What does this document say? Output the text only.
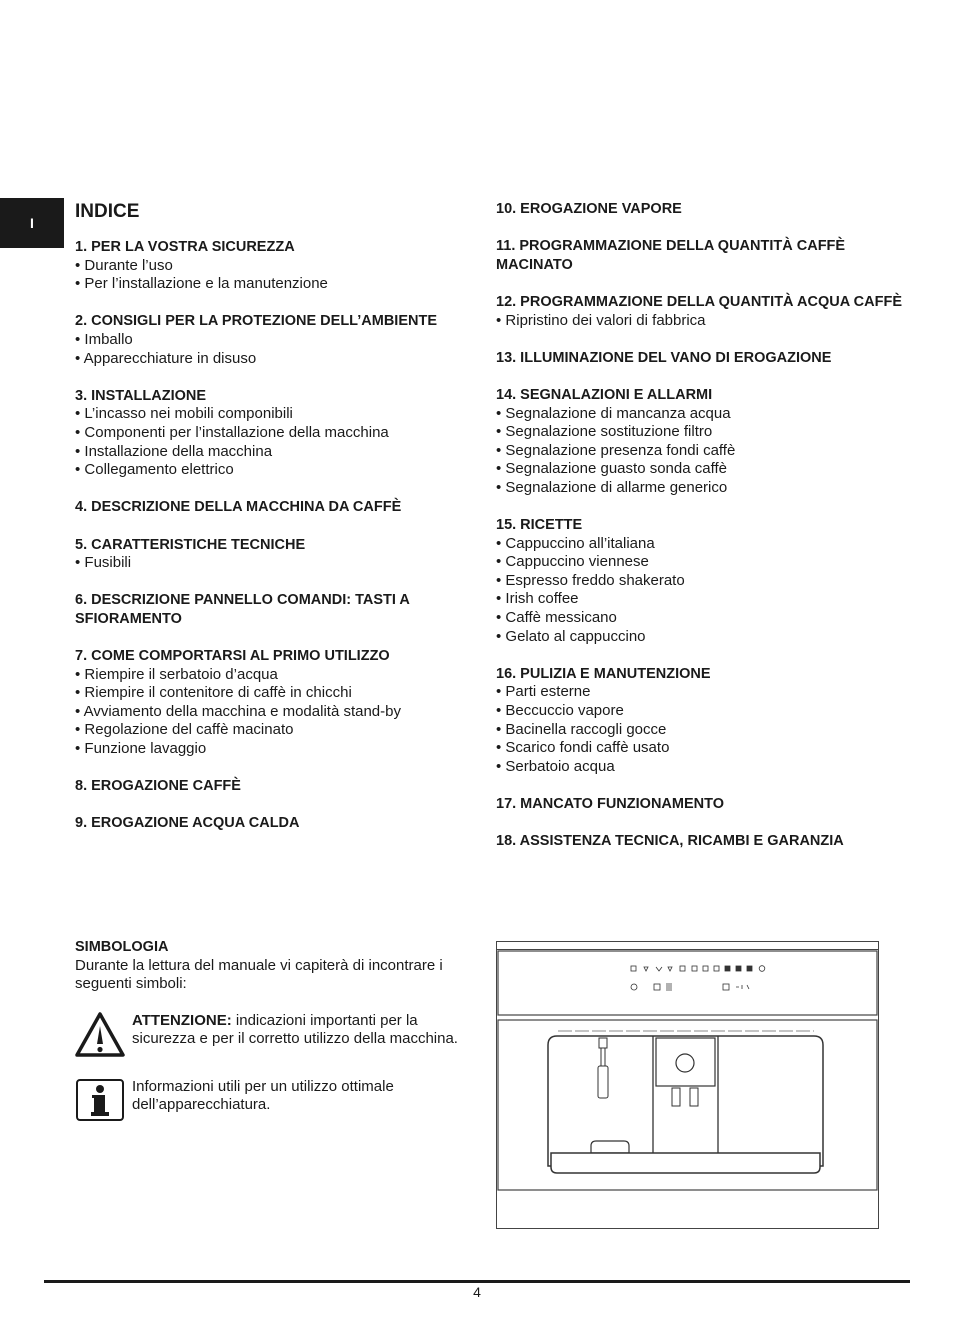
I
INDICE
1. PER LA VOSTRA SICUREZZA
• Durante l’uso
• Per l’installazione e la manutenzione
2. CONSIGLI PER LA PROTEZIONE DELL’AMBIENTE
• Imballo
• Apparecchiature in disuso
3. INSTALLAZIONE
• L’incasso nei mobili componibili
• Componenti per l’installazione della macchina
• Installazione della macchina
• Collegamento elettrico
4. DESCRIZIONE DELLA MACCHINA DA CAFFÈ
5. CARATTERISTICHE TECNICHE
• Fusibili
6. DESCRIZIONE PANNELLO COMANDI: TASTI A SFIORAMENTO
7. COME COMPORTARSI AL PRIMO UTILIZZO
• Riempire il serbatoio d’acqua
• Riempire il contenitore di caffè in chicchi
• Avviamento della macchina e modalità stand-by
• Regolazione del caffè macinato
• Funzione lavaggio
8. EROGAZIONE CAFFÈ
9. EROGAZIONE ACQUA CALDA
10. EROGAZIONE VAPORE
11. PROGRAMMAZIONE DELLA QUANTITÀ CAFFÈ MACINATO
12. PROGRAMMAZIONE DELLA QUANTITÀ ACQUA CAFFÈ
• Ripristino dei valori di fabbrica
13. ILLUMINAZIONE DEL VANO DI EROGAZIONE
14. SEGNALAZIONI E ALLARMI
• Segnalazione di mancanza acqua
• Segnalazione sostituzione filtro
• Segnalazione presenza fondi caffè
• Segnalazione guasto sonda caffè
• Segnalazione di allarme generico
15. RICETTE
• Cappuccino all’italiana
• Cappuccino viennese
• Espresso freddo shakerato
• Irish coffee
• Caffè messicano
• Gelato al cappuccino
16. PULIZIA E MANUTENZIONE
• Parti esterne
• Beccuccio vapore
• Bacinella raccogli gocce
• Scarico fondi caffè usato
• Serbatoio acqua
17. MANCATO FUNZIONAMENTO
18. ASSISTENZA TECNICA, RICAMBI E GARANZIA
SIMBOLOGIA
Durante la lettura del manuale vi capiterà di incontrare i seguenti simboli:
ATTENZIONE: indicazioni importanti per la sicurezza e per il corretto utilizzo della macchina.
Informazioni utili per un utilizzo ottimale dell’apparecchiatura.
4
